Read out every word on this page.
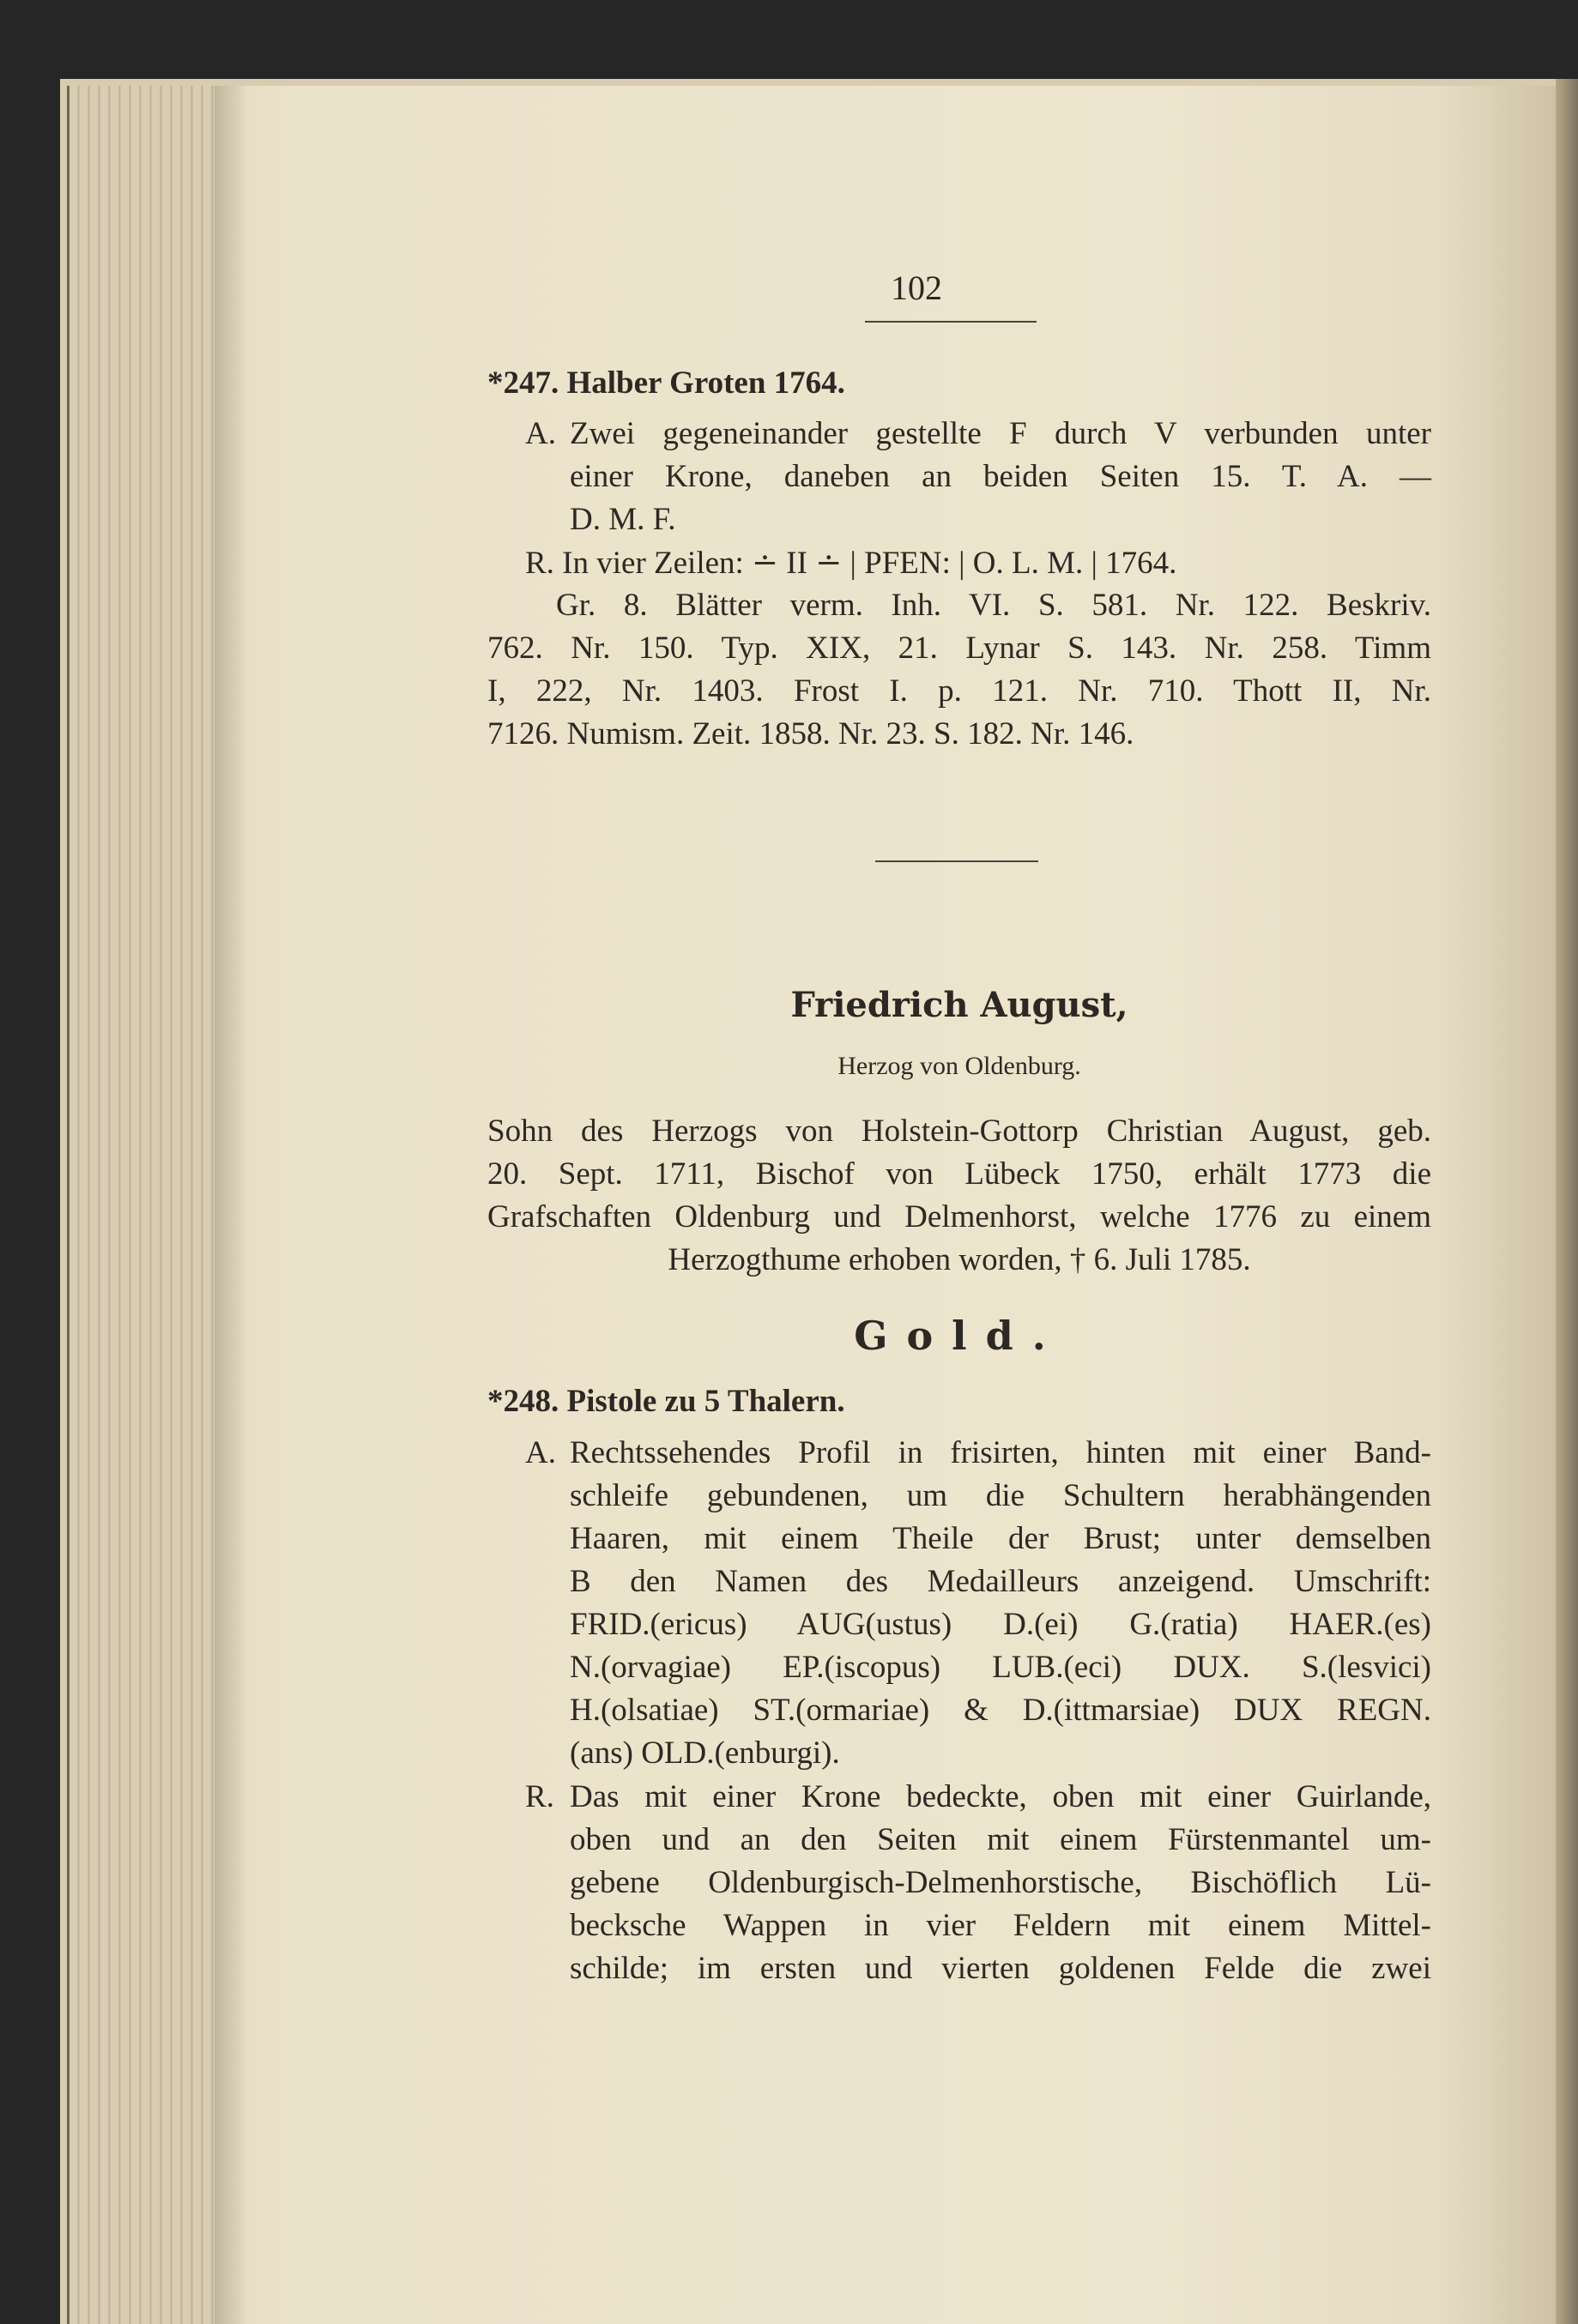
102
*247. Halber Groten 1764.
A. Zwei gegeneinander gestellte F durch V verbunden unter
einer Krone, daneben an beiden Seiten 15. T. A. —
D. M. F.
R. In vier Zeilen: ∸ II ∸ | PFEN: | O. L. M. | 1764.
Gr. 8. Blätter verm. Inh. VI. S. 581. Nr. 122. Beskriv.
762. Nr. 150. Typ. XIX, 21. Lynar S. 143. Nr. 258. Timm
I, 222, Nr. 1403. Frost I. p. 121. Nr. 710. Thott II, Nr.
7126. Numism. Zeit. 1858. Nr. 23. S. 182. Nr. 146.
Friedrich August,
Herzog von Oldenburg.
Sohn des Herzogs von Holstein-Gottorp Christian August, geb.
20. Sept. 1711, Bischof von Lübeck 1750, erhält 1773 die
Grafschaften Oldenburg und Delmenhorst, welche 1776 zu einem
Herzogthume erhoben worden, † 6. Juli 1785.
Gold.
*248. Pistole zu 5 Thalern.
A. Rechtssehendes Profil in frisirten, hinten mit einer Band-
schleife gebundenen, um die Schultern herabhängenden
Haaren, mit einem Theile der Brust; unter demselben
B den Namen des Medailleurs anzeigend. Umschrift:
FRID.(ericus) AUG(ustus) D.(ei) G.(ratia) HAER.(es)
N.(orvagiae) EP.(iscopus) LUB.(eci) DUX. S.(lesvici)
H.(olsatiae) ST.(ormariae) & D.(ittmarsiae) DUX REGN.
(ans) OLD.(enburgi).
R. Das mit einer Krone bedeckte, oben mit einer Guirlande,
oben und an den Seiten mit einem Fürstenmantel um-
gebene Oldenburgisch-Delmenhorstische, Bischöflich Lü-
becksche Wappen in vier Feldern mit einem Mittel-
schilde; im ersten und vierten goldenen Felde die zwei
